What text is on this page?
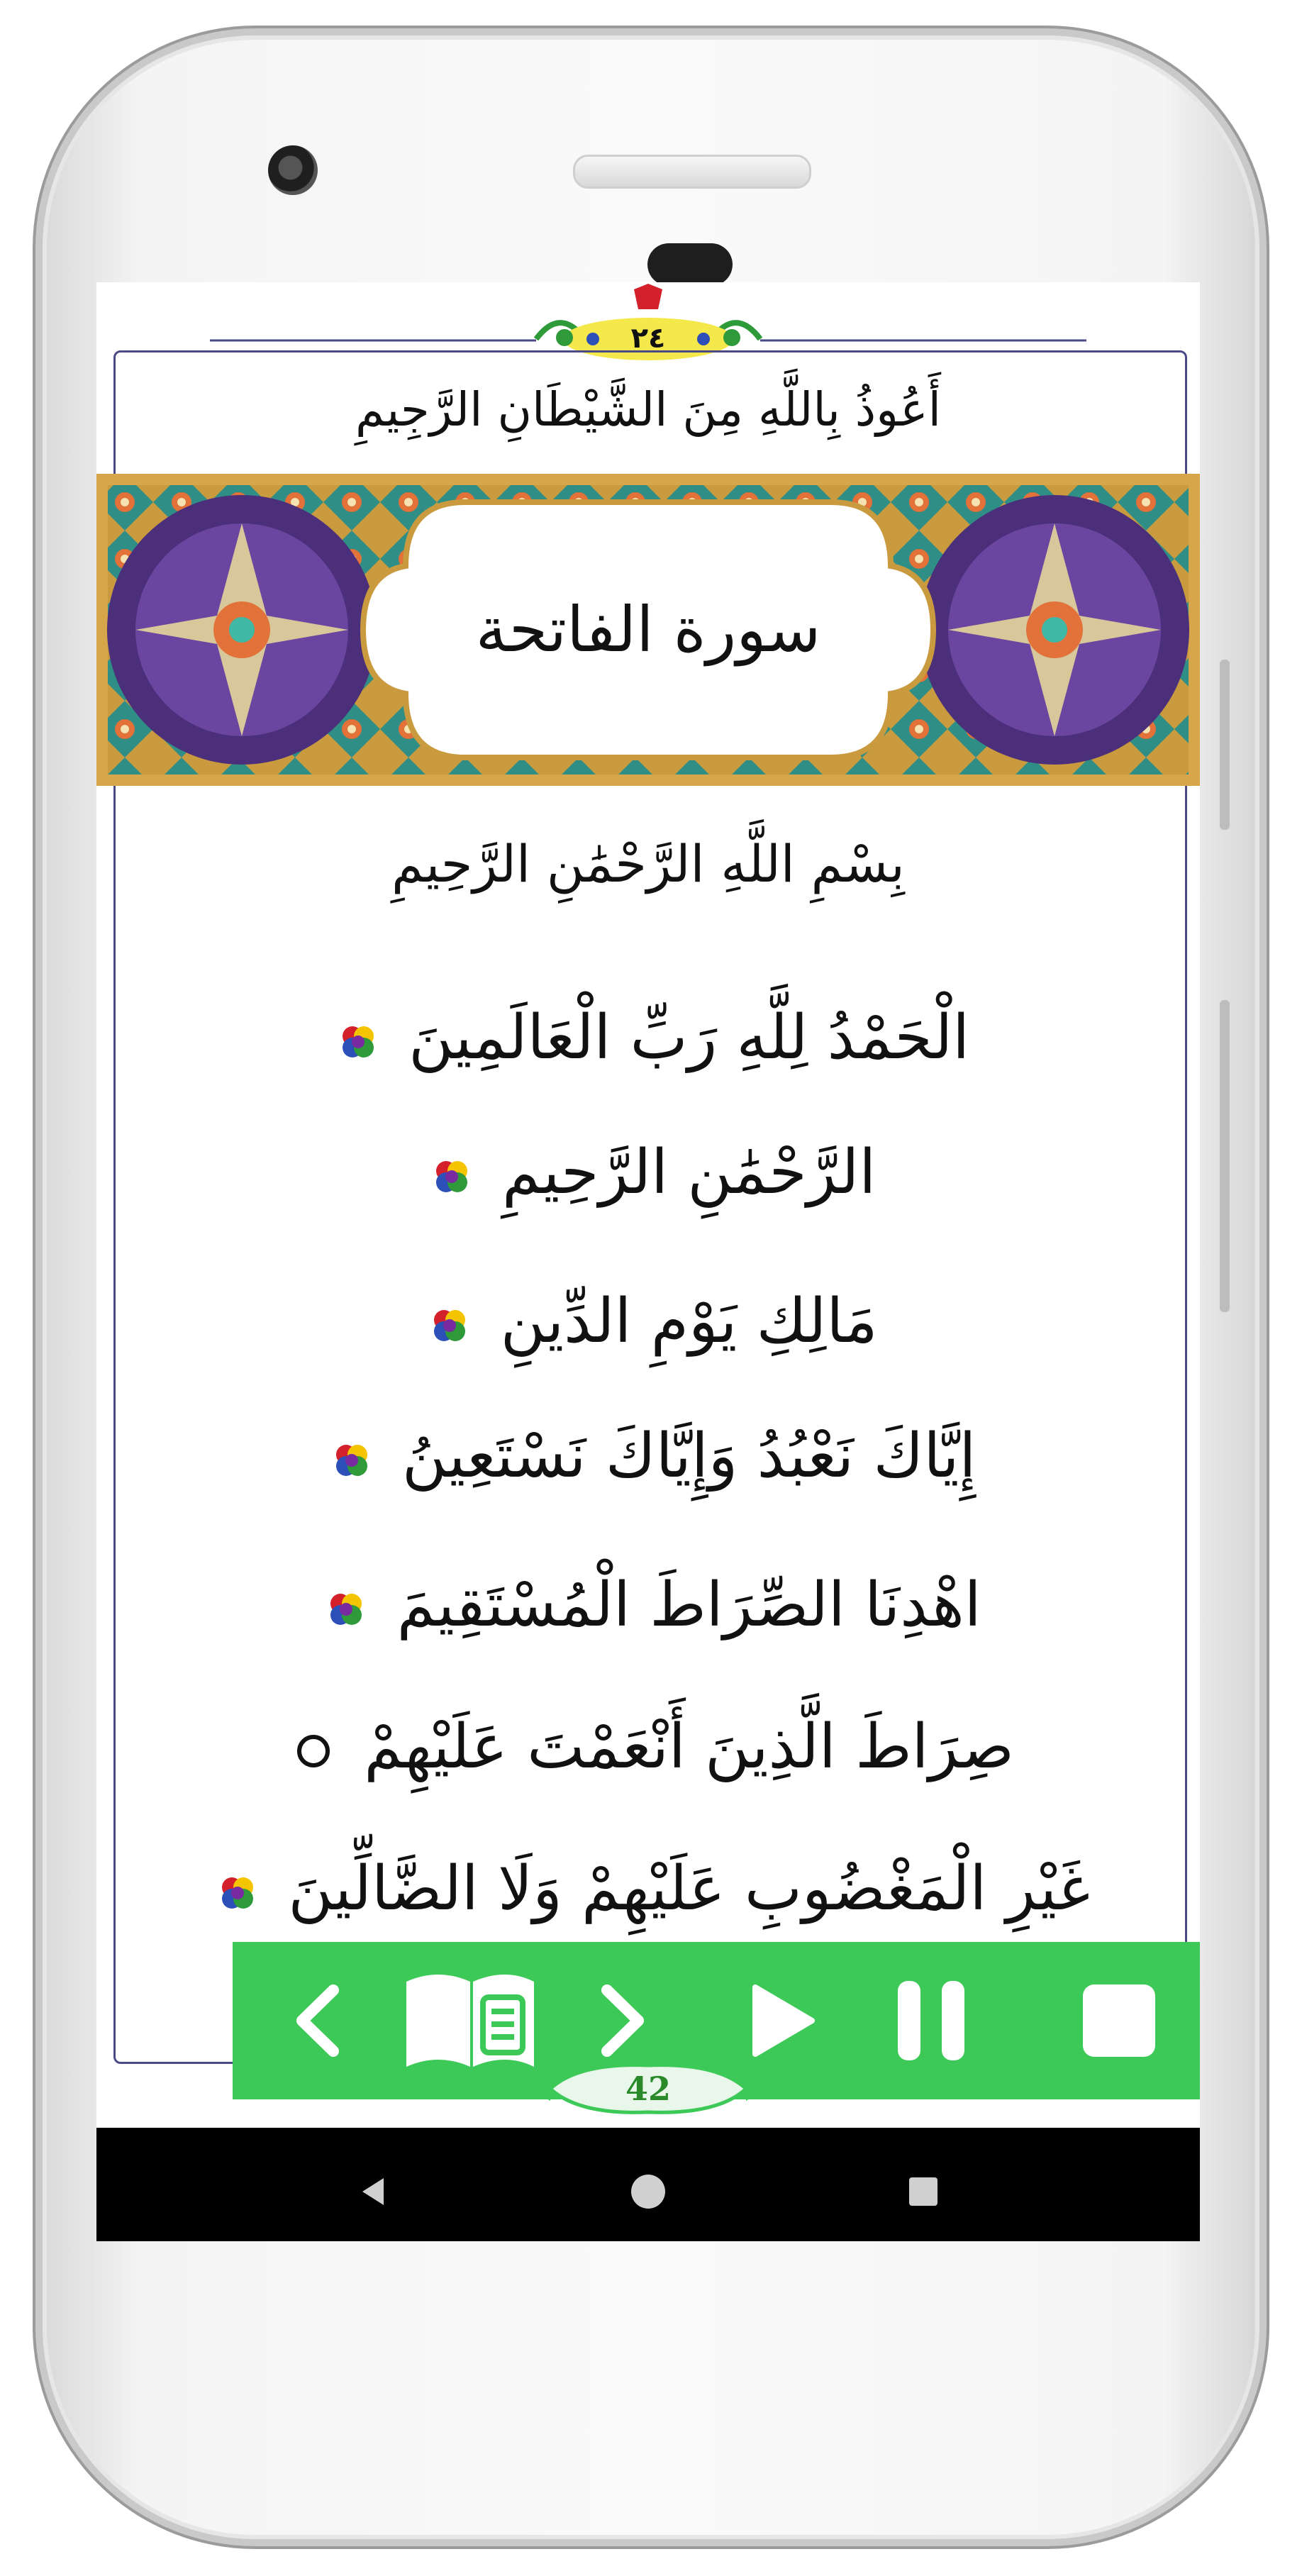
٤٢
أَعُوذُ بِاللَّهِ مِنَ الشَّيْطَانِ الرَّجِيمِ
سورة الفاتحة
بِسْمِ اللَّهِ الرَّحْمَٰنِ الرَّحِيمِ
الْحَمْدُ لِلَّهِ رَبِّ الْعَالَمِينَ
الرَّحْمَٰنِ الرَّحِيمِ
مَالِكِ يَوْمِ الدِّينِ
إِيَّاكَ نَعْبُدُ وَإِيَّاكَ نَسْتَعِينُ
اهْدِنَا الصِّرَاطَ الْمُسْتَقِيمَ
صِرَاطَ الَّذِينَ أَنْعَمْتَ عَلَيْهِمْ
غَيْرِ الْمَغْضُوبِ عَلَيْهِمْ وَلَا الضَّالِّينَ
42
